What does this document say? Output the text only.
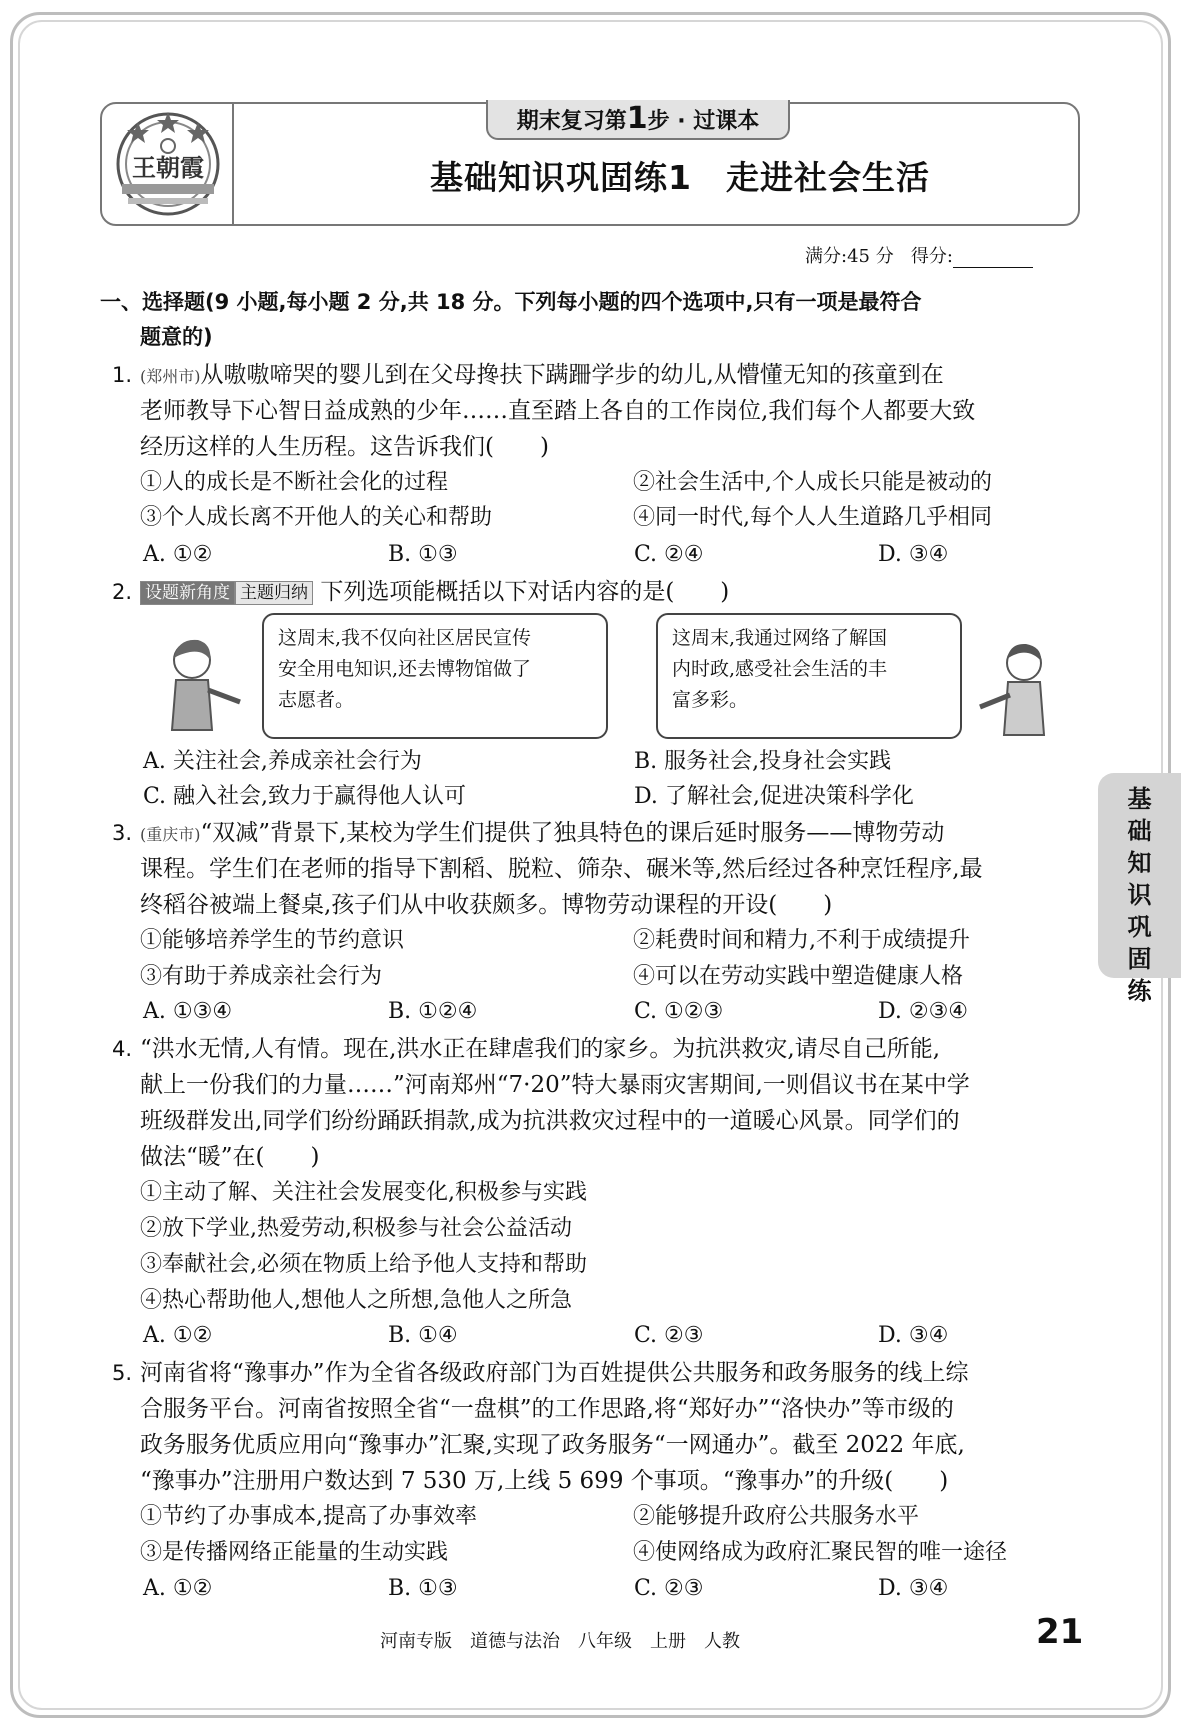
王朝霞
期末复习第1步 · 过课本
基础知识巩固练1　走进社会生活
满分:45 分 得分:
基
础
知
识
巩
固
练
一、选择题(9 小题,每小题 2 分,共 18 分。下列每小题的四个选项中,只有一项是最符合
题意的)
1. (郑州市)从嗷嗷啼哭的婴儿到在父母搀扶下蹒跚学步的幼儿,从懵懂无知的孩童到在
老师教导下心智日益成熟的少年……直至踏上各自的工作岗位,我们每个人都要大致
经历这样的人生历程。这告诉我们(　　)
①人的成长是不断社会化的过程	②社会生活中,个人成长只能是被动的
③个人成长离不开他人的关心和帮助	④同一时代,每个人人生道路几乎相同
A. ①②	B. ①③	C. ②④	D. ③④
2. 设题新角度 主题归纳 下列选项能概括以下对话内容的是(　　)
这周末,我不仅向社区居民宣传
安全用电知识,还去博物馆做了
志愿者。
这周末,我通过网络了解国
内时政,感受社会生活的丰
富多彩。
A. 关注社会,养成亲社会行为	B. 服务社会,投身社会实践
C. 融入社会,致力于赢得他人认可	D. 了解社会,促进决策科学化
3. (重庆市)“双减”背景下,某校为学生们提供了独具特色的课后延时服务——博物劳动
课程。学生们在老师的指导下割稻、脱粒、筛杂、碾米等,然后经过各种烹饪程序,最
终稻谷被端上餐桌,孩子们从中收获颇多。博物劳动课程的开设(　　)
①能够培养学生的节约意识	②耗费时间和精力,不利于成绩提升
③有助于养成亲社会行为	④可以在劳动实践中塑造健康人格
A. ①③④	B. ①②④	C. ①②③	D. ②③④
4. “洪水无情,人有情。现在,洪水正在肆虐我们的家乡。为抗洪救灾,请尽自己所能,
献上一份我们的力量……”河南郑州“7·20”特大暴雨灾害期间,一则倡议书在某中学
班级群发出,同学们纷纷踊跃捐款,成为抗洪救灾过程中的一道暖心风景。同学们的
做法“暖”在(　　)
①主动了解、关注社会发展变化,积极参与实践
②放下学业,热爱劳动,积极参与社会公益活动
③奉献社会,必须在物质上给予他人支持和帮助
④热心帮助他人,想他人之所想,急他人之所急
A. ①②	B. ①④	C. ②③	D. ③④
5. 河南省将“豫事办”作为全省各级政府部门为百姓提供公共服务和政务服务的线上综
合服务平台。河南省按照全省“一盘棋”的工作思路,将“郑好办”“洛快办”等市级的
政务服务优质应用向“豫事办”汇聚,实现了政务服务“一网通办”。截至 2022 年底,
“豫事办”注册用户数达到 7 530 万,上线 5 699 个事项。“豫事办”的升级(　　)
①节约了办事成本,提高了办事效率	②能够提升政府公共服务水平
③是传播网络正能量的生动实践	④使网络成为政府汇聚民智的唯一途径
A. ①②	B. ①③	C. ②③	D. ③④
河南专版　道德与法治　八年级　上册　人教	21
